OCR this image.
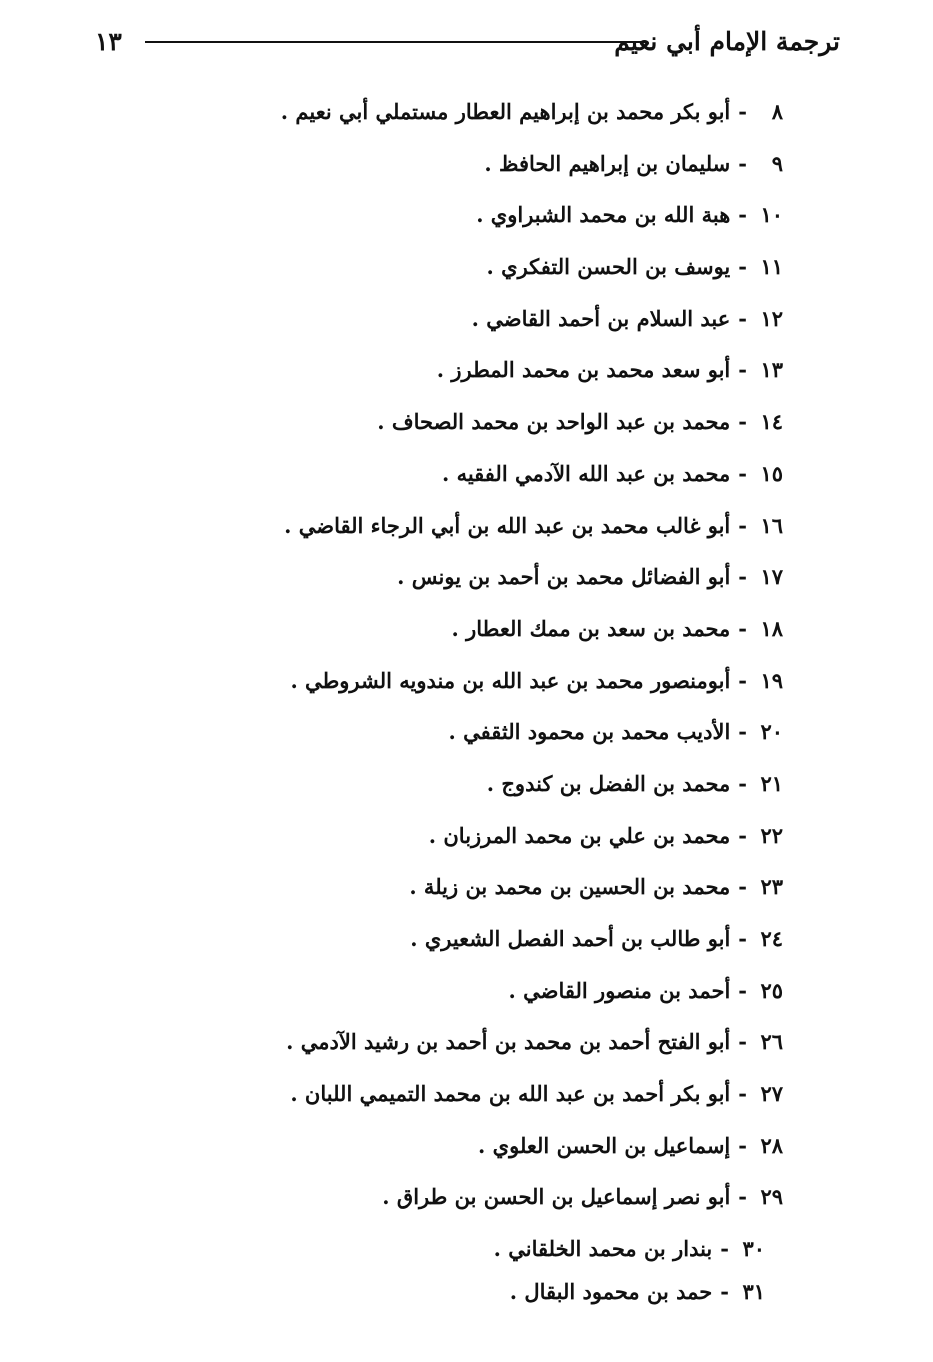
ترجمة الإمام أبي نعيم
١٣
٨-أبو بكر محمد بن إبراهيم العطار مستملي أبي نعيم .
٩-سليمان بن إبراهيم الحافظ .
١٠-هبة الله بن محمد الشبراوي .
١١-يوسف بن الحسن التفكري .
١٢-عبد السلام بن أحمد القاضي .
١٣-أبو سعد محمد بن محمد المطرز .
١٤-محمد بن عبد الواحد بن محمد الصحاف .
١٥-محمد بن عبد الله الآدمي الفقيه .
١٦-أبو غالب محمد بن عبد الله بن أبي الرجاء القاضي .
١٧-أبو الفضائل محمد بن أحمد بن يونس .
١٨-محمد بن سعد بن ممك العطار .
١٩-أبومنصور محمد بن عبد الله بن مندويه الشروطي .
٢٠-الأديب محمد بن محمود الثقفي .
٢١-محمد بن الفضل بن كندوج .
٢٢-محمد بن علي بن محمد المرزبان .
٢٣-محمد بن الحسين بن محمد بن زيلة .
٢٤-أبو طالب بن أحمد الفصل الشعيري .
٢٥-أحمد بن منصور القاضي .
٢٦-أبو الفتح أحمد بن محمد بن أحمد بن رشيد الآدمي .
٢٧-أبو بكر أحمد بن عبد الله بن محمد التميمي اللبان .
٢٨-إسماعيل بن الحسن العلوي .
٢٩-أبو نصر إسماعيل بن الحسن بن طراق .
٣٠-بندار بن محمد الخلقاني .
٣١-حمد بن محمود البقال .
